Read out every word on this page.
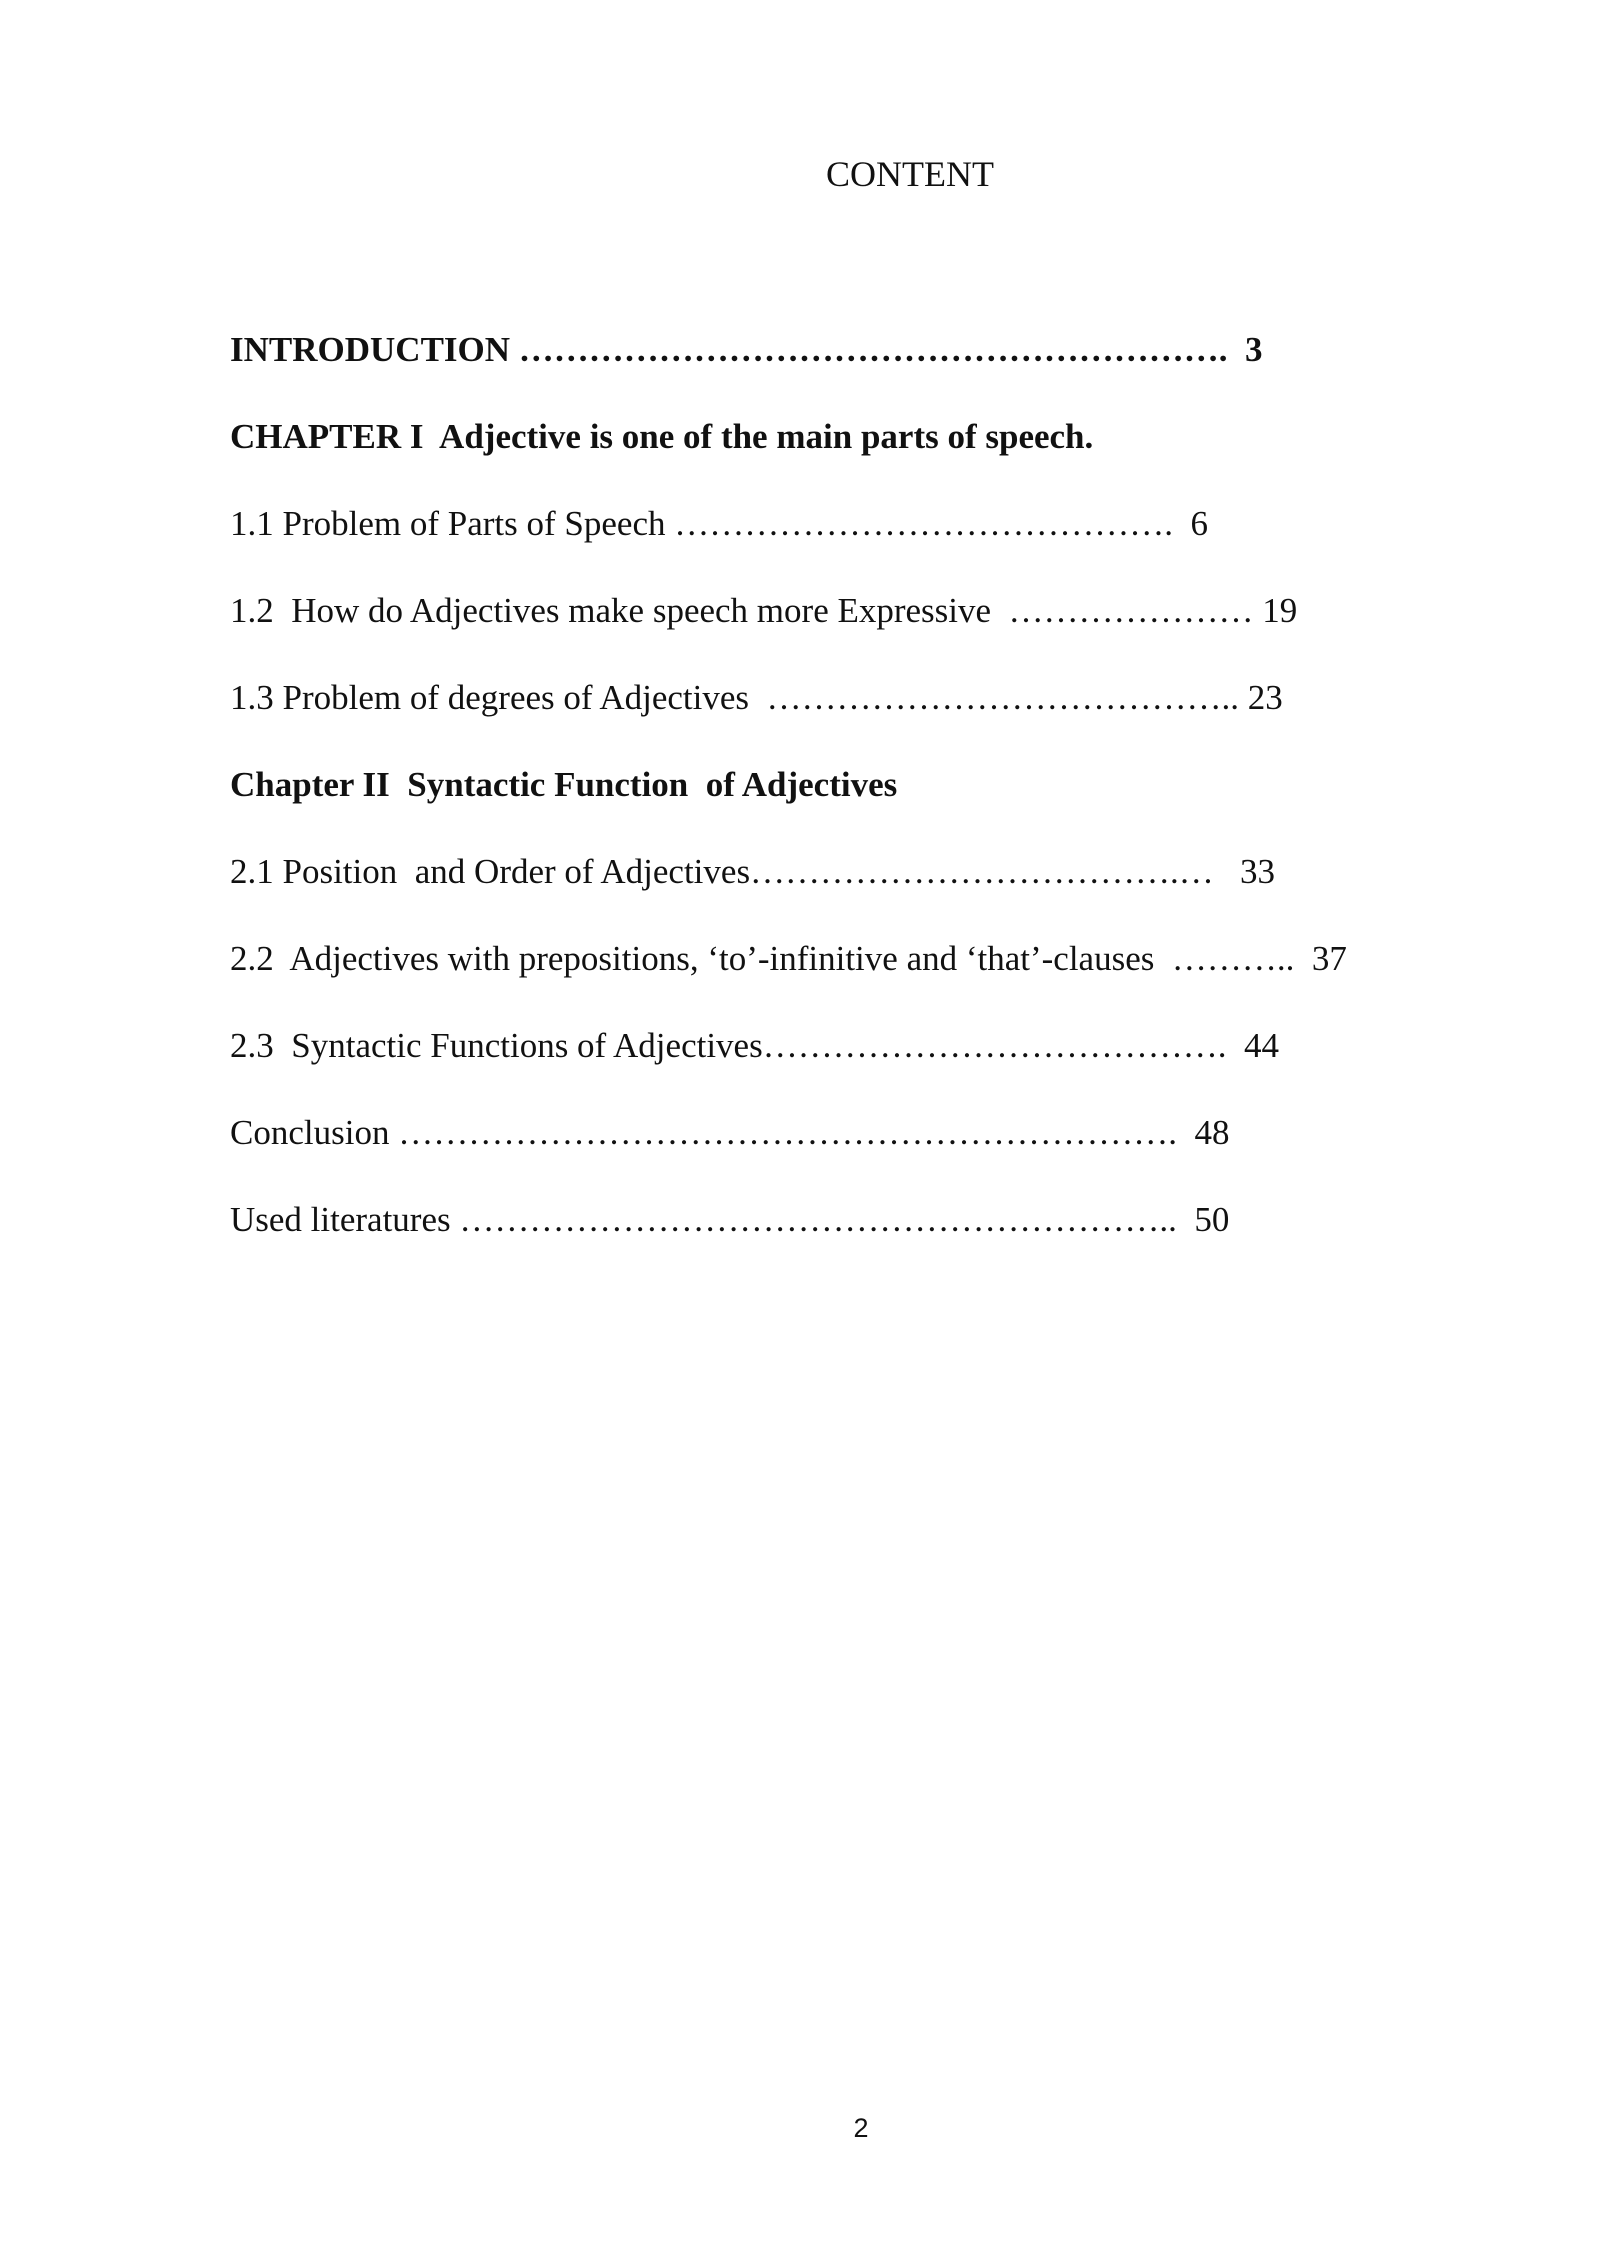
CONTENT
INTRODUCTION …………………………………………………….  3
CHAPTER I  Adjective is one of the main parts of speech.
1.1 Problem of Parts of Speech …………………………………….  6
1.2  How do Adjectives make speech more Expressive  ………………… 19
1.3 Problem of degrees of Adjectives  ………………………………….. 23
Chapter II  Syntactic Function  of Adjectives
2.1 Position  and Order of Adjectives……………………………….…   33
2.2  Adjectives with prepositions, ‘to’-infinitive and ‘that’-clauses  ………..  37
2.3  Syntactic Functions of Adjectives………………………………….  44
Conclusion ………………………………………………………….  48
Used literatures ……………………………………………………..  50
2
